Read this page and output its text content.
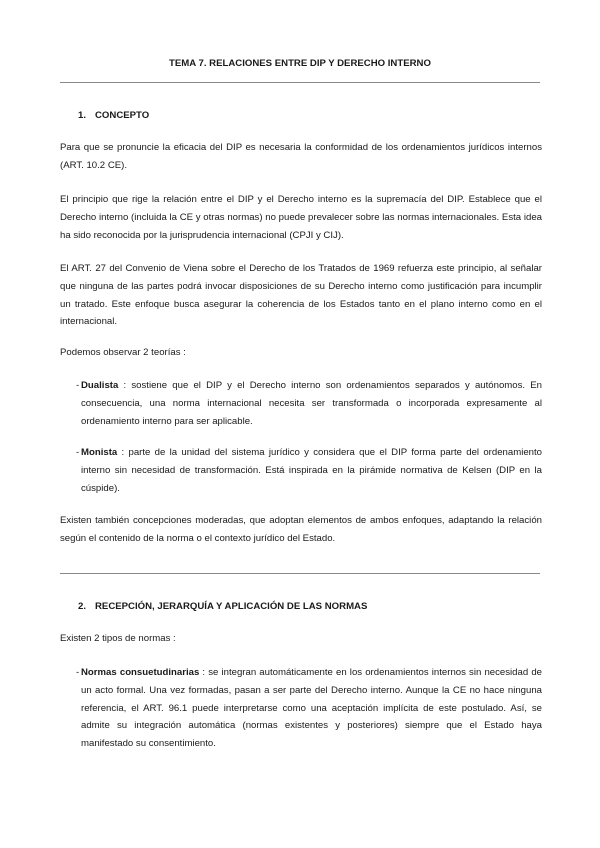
TEMA 7. RELACIONES ENTRE DIP Y DERECHO INTERNO
1. CONCEPTO

Para que se pronuncie la eficacia del DIP es necesaria la conformidad de los ordenamientos jurídicos internos (ART. 10.2 CE).

El principio que rige la relación entre el DIP y el Derecho interno es la supremacía del DIP. Establece que el Derecho interno (incluida la CE y otras normas) no puede prevalecer sobre las normas internacionales. Esta idea ha sido reconocida por la jurisprudencia internacional (CPJI y CIJ).

El ART. 27 del Convenio de Viena sobre el Derecho de los Tratados de 1969 refuerza este principio, al señalar que ninguna de las partes podrá invocar disposiciones de su Derecho interno como justificación para incumplir un tratado. Este enfoque busca asegurar la coherencia de los Estados tanto en el plano interno como en el internacional.

Podemos observar 2 teorías :

- Dualista : sostiene que el DIP y el Derecho interno son ordenamientos separados y autónomos. En consecuencia, una norma internacional necesita ser transformada o incorporada expresamente al ordenamiento interno para ser aplicable.
- Monista : parte de la unidad del sistema jurídico y considera que el DIP forma parte del ordenamiento interno sin necesidad de transformación. Está inspirada en la pirámide normativa de Kelsen (DIP en la cúspide).

Existen también concepciones moderadas, que adoptan elementos de ambos enfoques, adaptando la relación según el contenido de la norma o el contexto jurídico del Estado.

2. RECEPCIÓN, JERARQUÍA Y APLICACIÓN DE LAS NORMAS

Existen 2 tipos de normas :

- Normas consuetudinarias : se integran automáticamente en los ordenamientos internos sin necesidad de un acto formal. Una vez formadas, pasan a ser parte del Derecho interno. Aunque la CE no hace ninguna referencia, el ART. 96.1 puede interpretarse como una aceptación implícita de este postulado. Así, se admite su integración automática (normas existentes y posteriores) siempre que el Estado haya manifestado su consentimiento.
